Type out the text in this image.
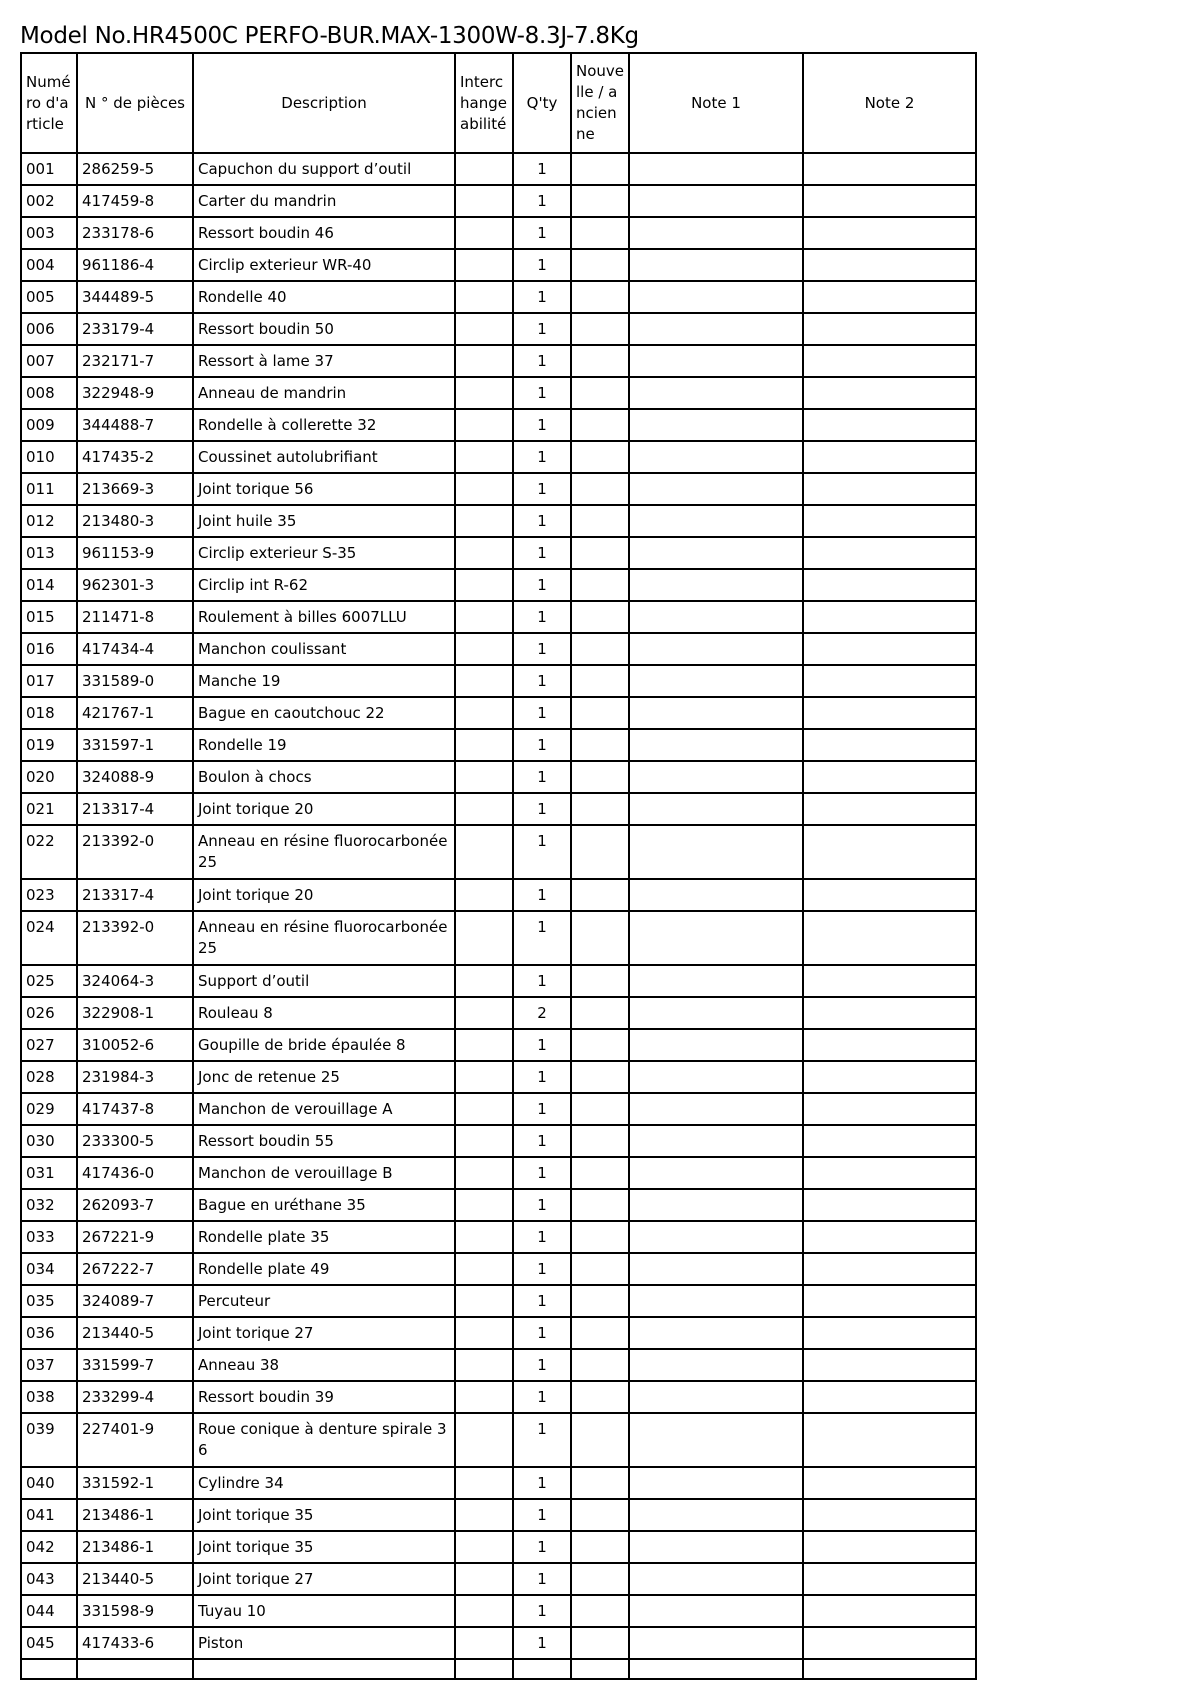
Model No.HR4500C PERFO-BUR.MAX-1300W-8.3J-7.8Kg
Numéro d'article	N ° de pièces	Description	Interchangeabilité	Q'ty	Nouvelle / ancienne	Note 1	Note 2
001	286259-5	Capuchon du support d’outil		1			
002	417459-8	Carter du mandrin		1			
003	233178-6	Ressort boudin 46		1			
004	961186-4	Circlip exterieur WR-40		1			
005	344489-5	Rondelle 40		1			
006	233179-4	Ressort boudin 50		1			
007	232171-7	Ressort à lame 37		1			
008	322948-9	Anneau de mandrin		1			
009	344488-7	Rondelle à collerette 32		1			
010	417435-2	Coussinet autolubrifiant		1			
011	213669-3	Joint torique 56		1			
012	213480-3	Joint huile 35		1			
013	961153-9	Circlip exterieur S-35		1			
014	962301-3	Circlip int R-62		1			
015	211471-8	Roulement à billes 6007LLU		1			
016	417434-4	Manchon coulissant		1			
017	331589-0	Manche 19		1			
018	421767-1	Bague en caoutchouc 22		1			
019	331597-1	Rondelle 19		1			
020	324088-9	Boulon à chocs		1			
021	213317-4	Joint torique 20		1			
022	213392-0	Anneau en résine fluorocarbonée 25		1			
023	213317-4	Joint torique 20		1			
024	213392-0	Anneau en résine fluorocarbonée 25		1			
025	324064-3	Support d’outil		1			
026	322908-1	Rouleau 8		2			
027	310052-6	Goupille de bride épaulée 8		1			
028	231984-3	Jonc de retenue 25		1			
029	417437-8	Manchon de verouillage A		1			
030	233300-5	Ressort boudin 55		1			
031	417436-0	Manchon de verouillage B		1			
032	262093-7	Bague en uréthane 35		1			
033	267221-9	Rondelle plate 35		1			
034	267222-7	Rondelle plate 49		1			
035	324089-7	Percuteur		1			
036	213440-5	Joint torique 27		1			
037	331599-7	Anneau 38		1			
038	233299-4	Ressort boudin 39		1			
039	227401-9	Roue conique à denture spirale 36		1			
040	331592-1	Cylindre 34		1			
041	213486-1	Joint torique 35		1			
042	213486-1	Joint torique 35		1			
043	213440-5	Joint torique 27		1			
044	331598-9	Tuyau 10		1			
045	417433-6	Piston		1			
